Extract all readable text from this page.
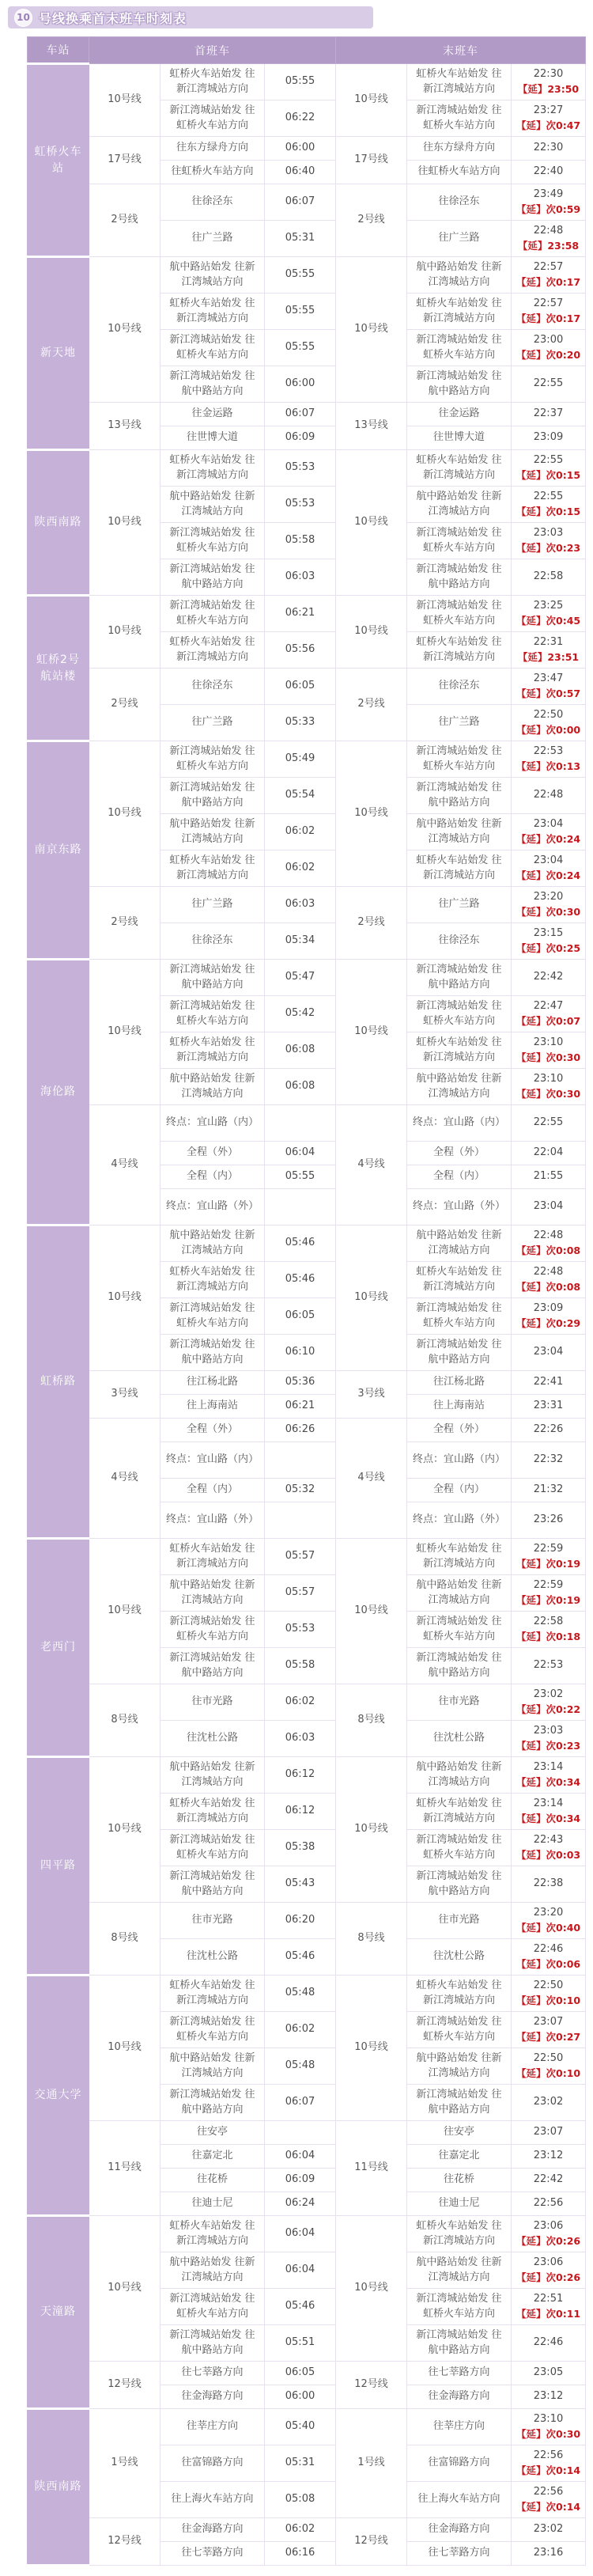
10 号线换乘首末班车时刻表
车站	首班车			末班车		
虹桥火车站	10号线	虹桥火车站始发 往新江湾城站方向	05:55	10号线	虹桥火车站始发 往新江湾城站方向	22:30
【延】23:50

		新江湾城站始发 往虹桥火车站方向	06:22		新江湾城站始发 往虹桥火车站方向	23:27
【延】次0:47

	17号线	往东方绿舟方向	06:00	17号线	往东方绿舟方向	22:30

		往虹桥火车站方向	06:40		往虹桥火车站方向	22:40

	2号线	往徐泾东	06:07	2号线	往徐泾东	23:49
【延】次0:59

		往广兰路	05:31		往广兰路	22:48
【延】23:58

新天地	10号线	航中路站始发 往新江湾城站方向	05:55	10号线	航中路站始发 往新江湾城站方向	22:57
【延】次0:17

		虹桥火车站始发 往新江湾城站方向	05:55		虹桥火车站始发 往新江湾城站方向	22:57
【延】次0:17

		新江湾城站始发 往虹桥火车站方向	05:55		新江湾城站始发 往虹桥火车站方向	23:00
【延】次0:20

		新江湾城站始发 往航中路站方向	06:00		新江湾城站始发 往航中路站方向	22:55

	13号线	往金运路	06:07	13号线	往金运路	22:37

		往世博大道	06:09		往世博大道	23:09

陕西南路	10号线	虹桥火车站始发 往新江湾城站方向	05:53	10号线	虹桥火车站始发 往新江湾城站方向	22:55
【延】次0:15

		航中路站始发 往新江湾城站方向	05:53		航中路站始发 往新江湾城站方向	22:55
【延】次0:15

		新江湾城站始发 往虹桥火车站方向	05:58		新江湾城站始发 往虹桥火车站方向	23:03
【延】次0:23

		新江湾城站始发 往航中路站方向	06:03		新江湾城站始发 往航中路站方向	22:58

虹桥2号航站楼	10号线	新江湾城站始发 往虹桥火车站方向	06:21	10号线	新江湾城站始发 往虹桥火车站方向	23:25
【延】次0:45

		虹桥火车站始发 往新江湾城站方向	05:56		虹桥火车站始发 往新江湾城站方向	22:31
【延】23:51

	2号线	往徐泾东	06:05	2号线	往徐泾东	23:47
【延】次0:57

		往广兰路	05:33		往广兰路	22:50
【延】次0:00

南京东路	10号线	新江湾城站始发 往虹桥火车站方向	05:49	10号线	新江湾城站始发 往虹桥火车站方向	22:53
【延】次0:13

		新江湾城站始发 往航中路站方向	05:54		新江湾城站始发 往航中路站方向	22:48

		航中路站始发 往新江湾城站方向	06:02		航中路站始发 往新江湾城站方向	23:04
【延】次0:24

		虹桥火车站始发 往新江湾城站方向	06:02		虹桥火车站始发 往新江湾城站方向	23:04
【延】次0:24

	2号线	往广兰路	06:03	2号线	往广兰路	23:20
【延】次0:30

		往徐泾东	05:34		往徐泾东	23:15
【延】次0:25

海伦路	10号线	新江湾城站始发 往航中路站方向	05:47	10号线	新江湾城站始发 往航中路站方向	22:42

		新江湾城站始发 往虹桥火车站方向	05:42		新江湾城站始发 往虹桥火车站方向	22:47
【延】次0:07

		虹桥火车站始发 往新江湾城站方向	06:08		虹桥火车站始发 往新江湾城站方向	23:10
【延】次0:30

		航中路站始发 往新江湾城站方向	06:08		航中路站始发 往新江湾城站方向	23:10
【延】次0:30

	4号线	终点：宜山路（内）		4号线	终点：宜山路（内）	22:55

		全程（外）	06:04		全程（外）	22:04

		全程（内）	05:55		全程（内）	21:55

		终点：宜山路（外）			终点：宜山路（外）	23:04

虹桥路	10号线	航中路站始发 往新江湾城站方向	05:46	10号线	航中路站始发 往新江湾城站方向	22:48
【延】次0:08

		虹桥火车站始发 往新江湾城站方向	05:46		虹桥火车站始发 往新江湾城站方向	22:48
【延】次0:08

		新江湾城站始发 往虹桥火车站方向	06:05		新江湾城站始发 往虹桥火车站方向	23:09
【延】次0:29

		新江湾城站始发 往航中路站方向	06:10		新江湾城站始发 往航中路站方向	23:04

	3号线	往江杨北路	05:36	3号线	往江杨北路	22:41

		往上海南站	06:21		往上海南站	23:31

	4号线	全程（外）	06:26	4号线	全程（外）	22:26

		终点：宜山路（内）			终点：宜山路（内）	22:32

		全程（内）	05:32		全程（内）	21:32

		终点：宜山路（外）			终点：宜山路（外）	23:26

老西门	10号线	虹桥火车站始发 往新江湾城站方向	05:57	10号线	虹桥火车站始发 往新江湾城站方向	22:59
【延】次0:19

		航中路站始发 往新江湾城站方向	05:57		航中路站始发 往新江湾城站方向	22:59
【延】次0:19

		新江湾城站始发 往虹桥火车站方向	05:53		新江湾城站始发 往虹桥火车站方向	22:58
【延】次0:18

		新江湾城站始发 往航中路站方向	05:58		新江湾城站始发 往航中路站方向	22:53

	8号线	往市光路	06:02	8号线	往市光路	23:02
【延】次0:22

		往沈杜公路	06:03		往沈杜公路	23:03
【延】次0:23

四平路	10号线	航中路站始发 往新江湾城站方向	06:12	10号线	航中路站始发 往新江湾城站方向	23:14
【延】次0:34

		虹桥火车站始发 往新江湾城站方向	06:12		虹桥火车站始发 往新江湾城站方向	23:14
【延】次0:34

		新江湾城站始发 往虹桥火车站方向	05:38		新江湾城站始发 往虹桥火车站方向	22:43
【延】次0:03

		新江湾城站始发 往航中路站方向	05:43		新江湾城站始发 往航中路站方向	22:38

	8号线	往市光路	06:20	8号线	往市光路	23:20
【延】次0:40

		往沈杜公路	05:46		往沈杜公路	22:46
【延】次0:06

交通大学	10号线	虹桥火车站始发 往新江湾城站方向	05:48	10号线	虹桥火车站始发 往新江湾城站方向	22:50
【延】次0:10

		新江湾城站始发 往虹桥火车站方向	06:02		新江湾城站始发 往虹桥火车站方向	23:07
【延】次0:27

		航中路站始发 往新江湾城站方向	05:48		航中路站始发 往新江湾城站方向	22:50
【延】次0:10

		新江湾城站始发 往航中路站方向	06:07		新江湾城站始发 往航中路站方向	23:02

	11号线	往安亭		11号线	往安亭	23:07

		往嘉定北	06:04		往嘉定北	23:12

		往花桥	06:09		往花桥	22:42

		往迪士尼	06:24		往迪士尼	22:56

天潼路	10号线	虹桥火车站始发 往新江湾城站方向	06:04	10号线	虹桥火车站始发 往新江湾城站方向	23:06
【延】次0:26

		航中路站始发 往新江湾城站方向	06:04		航中路站始发 往新江湾城站方向	23:06
【延】次0:26

		新江湾城站始发 往虹桥火车站方向	05:46		新江湾城站始发 往虹桥火车站方向	22:51
【延】次0:11

		新江湾城站始发 往航中路站方向	05:51		新江湾城站始发 往航中路站方向	22:46

	12号线	往七莘路方向	06:05	12号线	往七莘路方向	23:05

		往金海路方向	06:00		往金海路方向	23:12

陕西南路	1号线	往莘庄方向	05:40	1号线	往莘庄方向	23:10
【延】次0:30

		往富锦路方向	05:31		往富锦路方向	22:56
【延】次0:14

		往上海火车站方向	05:08		往上海火车站方向	22:56
【延】次0:14

	12号线	往金海路方向	06:02	12号线	往金海路方向	23:02

		往七莘路方向	06:16		往七莘路方向	23:16
